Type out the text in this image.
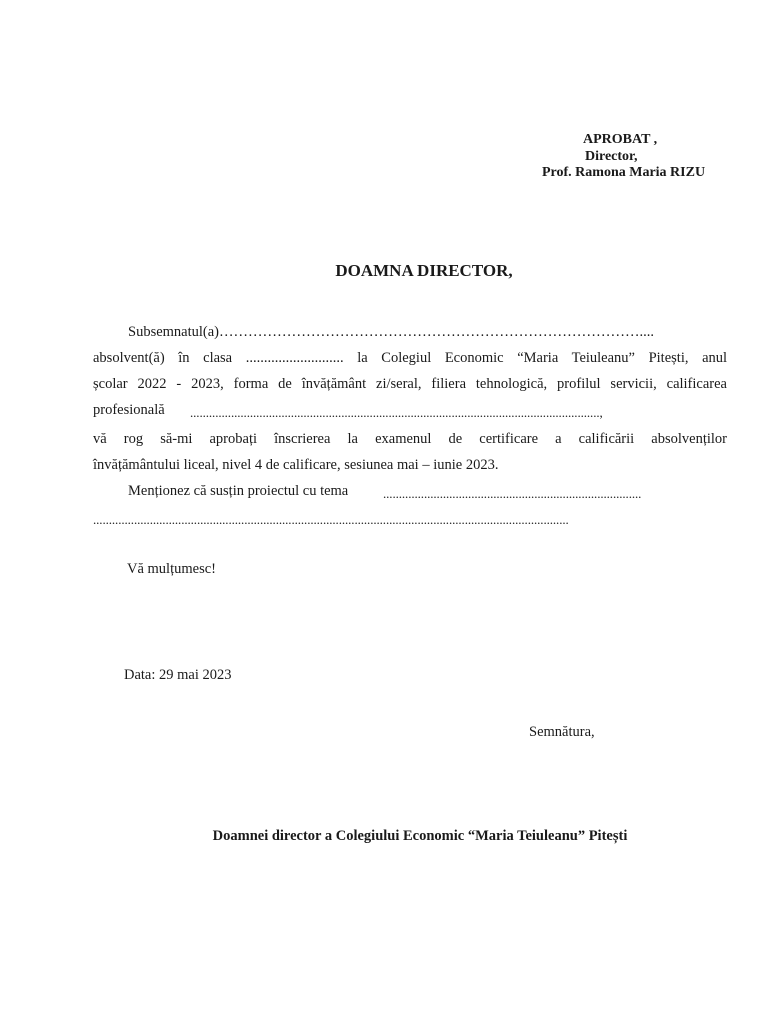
APROBAT ,
Director,
Prof. Ramona Maria RIZU
DOAMNA DIRECTOR,
Subsemnatul(a)……………………………………………………………………………....
absolvent(ă) în clasa ........................... la Colegiul Economic “Maria Teiuleanu” Pitești, anul
școlar 2022 - 2023, forma de învățământ zi/seral, filiera tehnologică, profilul servicii, calificarea
profesională ..................................................................................................................................,
vă rog să-mi aprobați înscrierea la examenul de certificare a calificării absolvenților
învățământului liceal, nivel 4 de calificare, sesiunea mai – iunie 2023.
Menționez că susțin proiectul cu tema	..................................................................................
.......................................................................................................................................................
Vă mulțumesc!
Data: 29 mai 2023
Semnătura,
Doamnei director a Colegiului Economic “Maria Teiuleanu” Pitești
